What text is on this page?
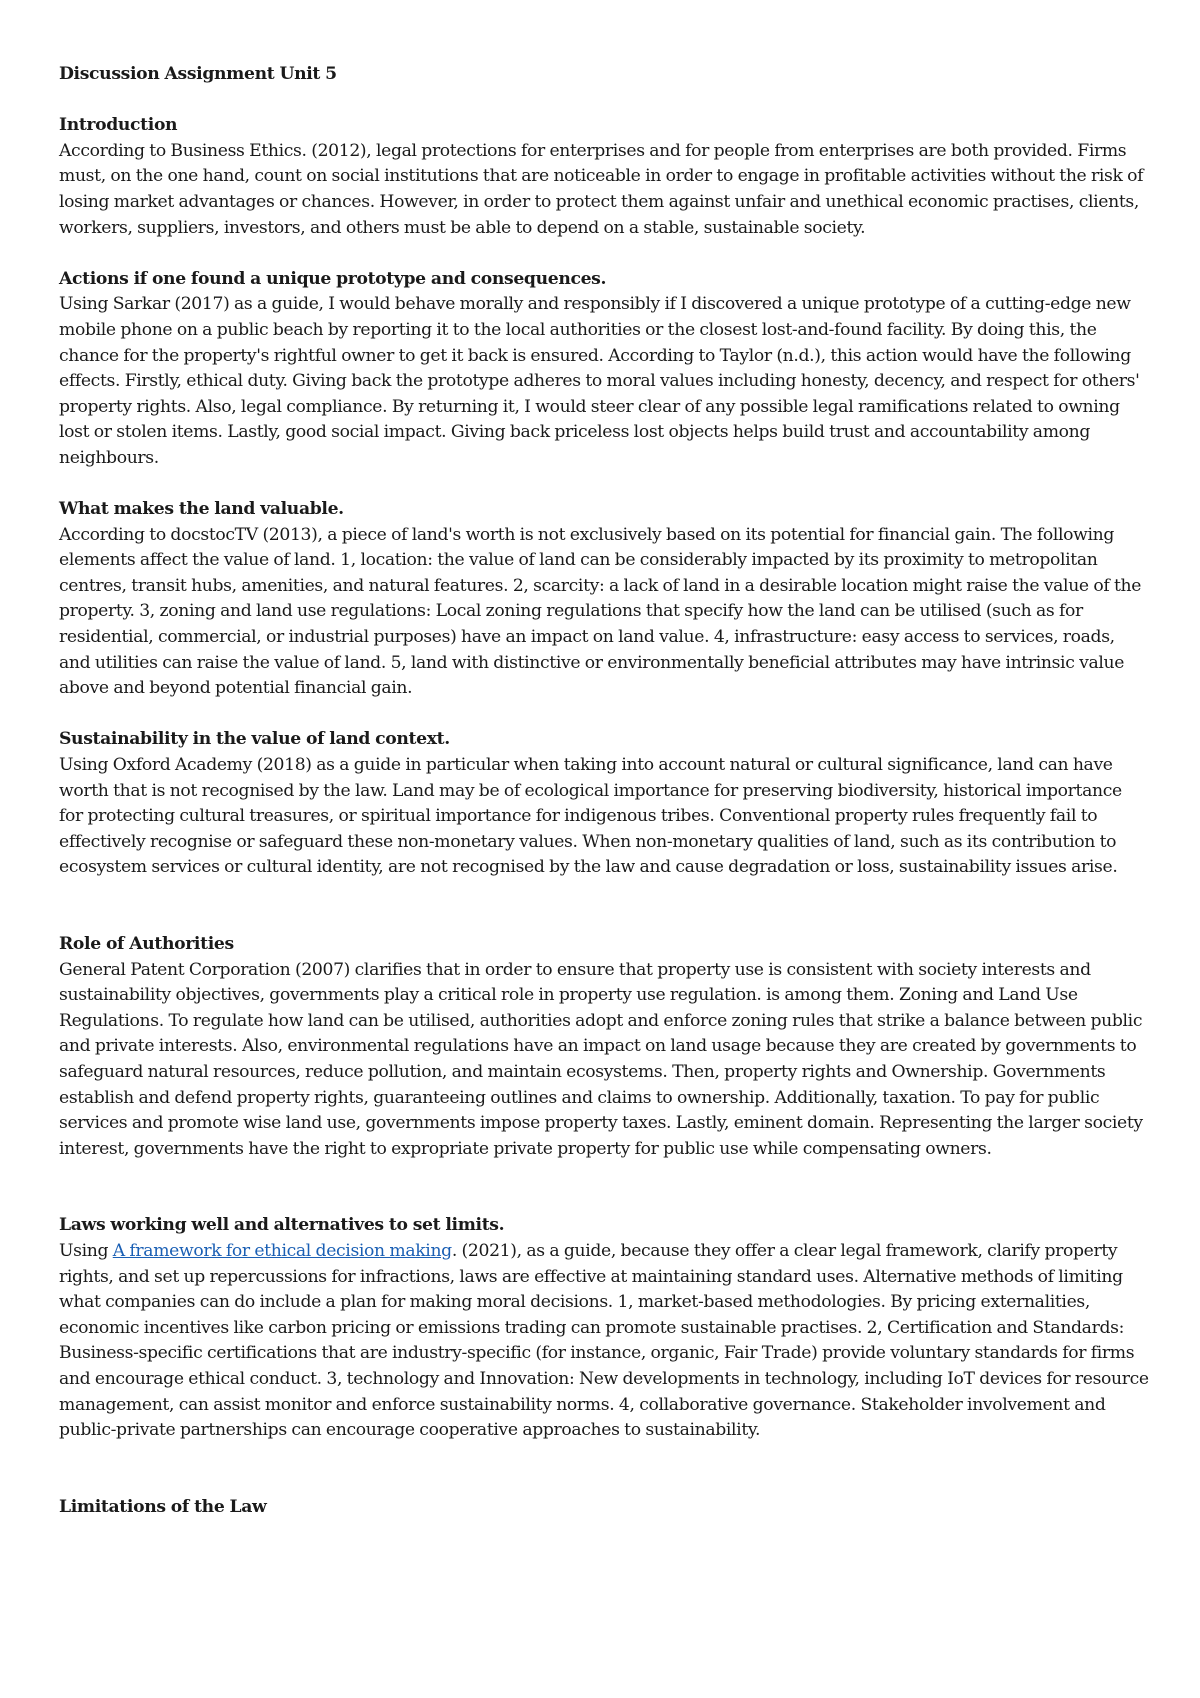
Discussion Assignment Unit 5

Introduction

According to Business Ethics. (2012), legal protections for enterprises and for people from enterprises are both provided. Firms must, on the one hand, count on social institutions that are noticeable in order to engage in profitable activities without the risk of losing market advantages or chances. However, in order to protect them against unfair and unethical economic practises, clients, workers, suppliers, investors, and others must be able to depend on a stable, sustainable society.

Actions if one found a unique prototype and consequences.

Using Sarkar (2017) as a guide, I would behave morally and responsibly if I discovered a unique prototype of a cutting-edge new mobile phone on a public beach by reporting it to the local authorities or the closest lost-and-found facility. By doing this, the chance for the property's rightful owner to get it back is ensured. According to Taylor (n.d.), this action would have the following effects. Firstly, ethical duty. Giving back the prototype adheres to moral values including honesty, decency, and respect for others' property rights. Also, legal compliance. By returning it, I would steer clear of any possible legal ramifications related to owning lost or stolen items. Lastly, good social impact. Giving back priceless lost objects helps build trust and accountability among neighbours.

What makes the land valuable.

According to docstocTV (2013), a piece of land's worth is not exclusively based on its potential for financial gain. The following elements affect the value of land. 1, location: the value of land can be considerably impacted by its proximity to metropolitan centres, transit hubs, amenities, and natural features. 2, scarcity: a lack of land in a desirable location might raise the value of the property. 3, zoning and land use regulations: Local zoning regulations that specify how the land can be utilised (such as for residential, commercial, or industrial purposes) have an impact on land value. 4, infrastructure: easy access to services, roads, and utilities can raise the value of land. 5, land with distinctive or environmentally beneficial attributes may have intrinsic value above and beyond potential financial gain.

Sustainability in the value of land context.

Using Oxford Academy (2018) as a guide in particular when taking into account natural or cultural significance, land can have worth that is not recognised by the law. Land may be of ecological importance for preserving biodiversity, historical importance for protecting cultural treasures, or spiritual importance for indigenous tribes. Conventional property rules frequently fail to effectively recognise or safeguard these non-monetary values. When non-monetary qualities of land, such as its contribution to ecosystem services or cultural identity, are not recognised by the law and cause degradation or loss, sustainability issues arise.

Role of Authorities

General Patent Corporation (2007) clarifies that in order to ensure that property use is consistent with society interests and sustainability objectives, governments play a critical role in property use regulation. is among them. Zoning and Land Use Regulations. To regulate how land can be utilised, authorities adopt and enforce zoning rules that strike a balance between public and private interests. Also, environmental regulations have an impact on land usage because they are created by governments to safeguard natural resources, reduce pollution, and maintain ecosystems. Then, property rights and Ownership. Governments establish and defend property rights, guaranteeing outlines and claims to ownership. Additionally, taxation. To pay for public services and promote wise land use, governments impose property taxes. Lastly, eminent domain. Representing the larger society interest, governments have the right to expropriate private property for public use while compensating owners.

Laws working well and alternatives to set limits.

Using A framework for ethical decision making. (2021), as a guide, because they offer a clear legal framework, clarify property rights, and set up repercussions for infractions, laws are effective at maintaining standard uses. Alternative methods of limiting what companies can do include a plan for making moral decisions. 1, market-based methodologies. By pricing externalities, economic incentives like carbon pricing or emissions trading can promote sustainable practises. 2, Certification and Standards: Business-specific certifications that are industry-specific (for instance, organic, Fair Trade) provide voluntary standards for firms and encourage ethical conduct. 3, technology and Innovation: New developments in technology, including IoT devices for resource management, can assist monitor and enforce sustainability norms. 4, collaborative governance. Stakeholder involvement and public-private partnerships can encourage cooperative approaches to sustainability.

Limitations of the Law
